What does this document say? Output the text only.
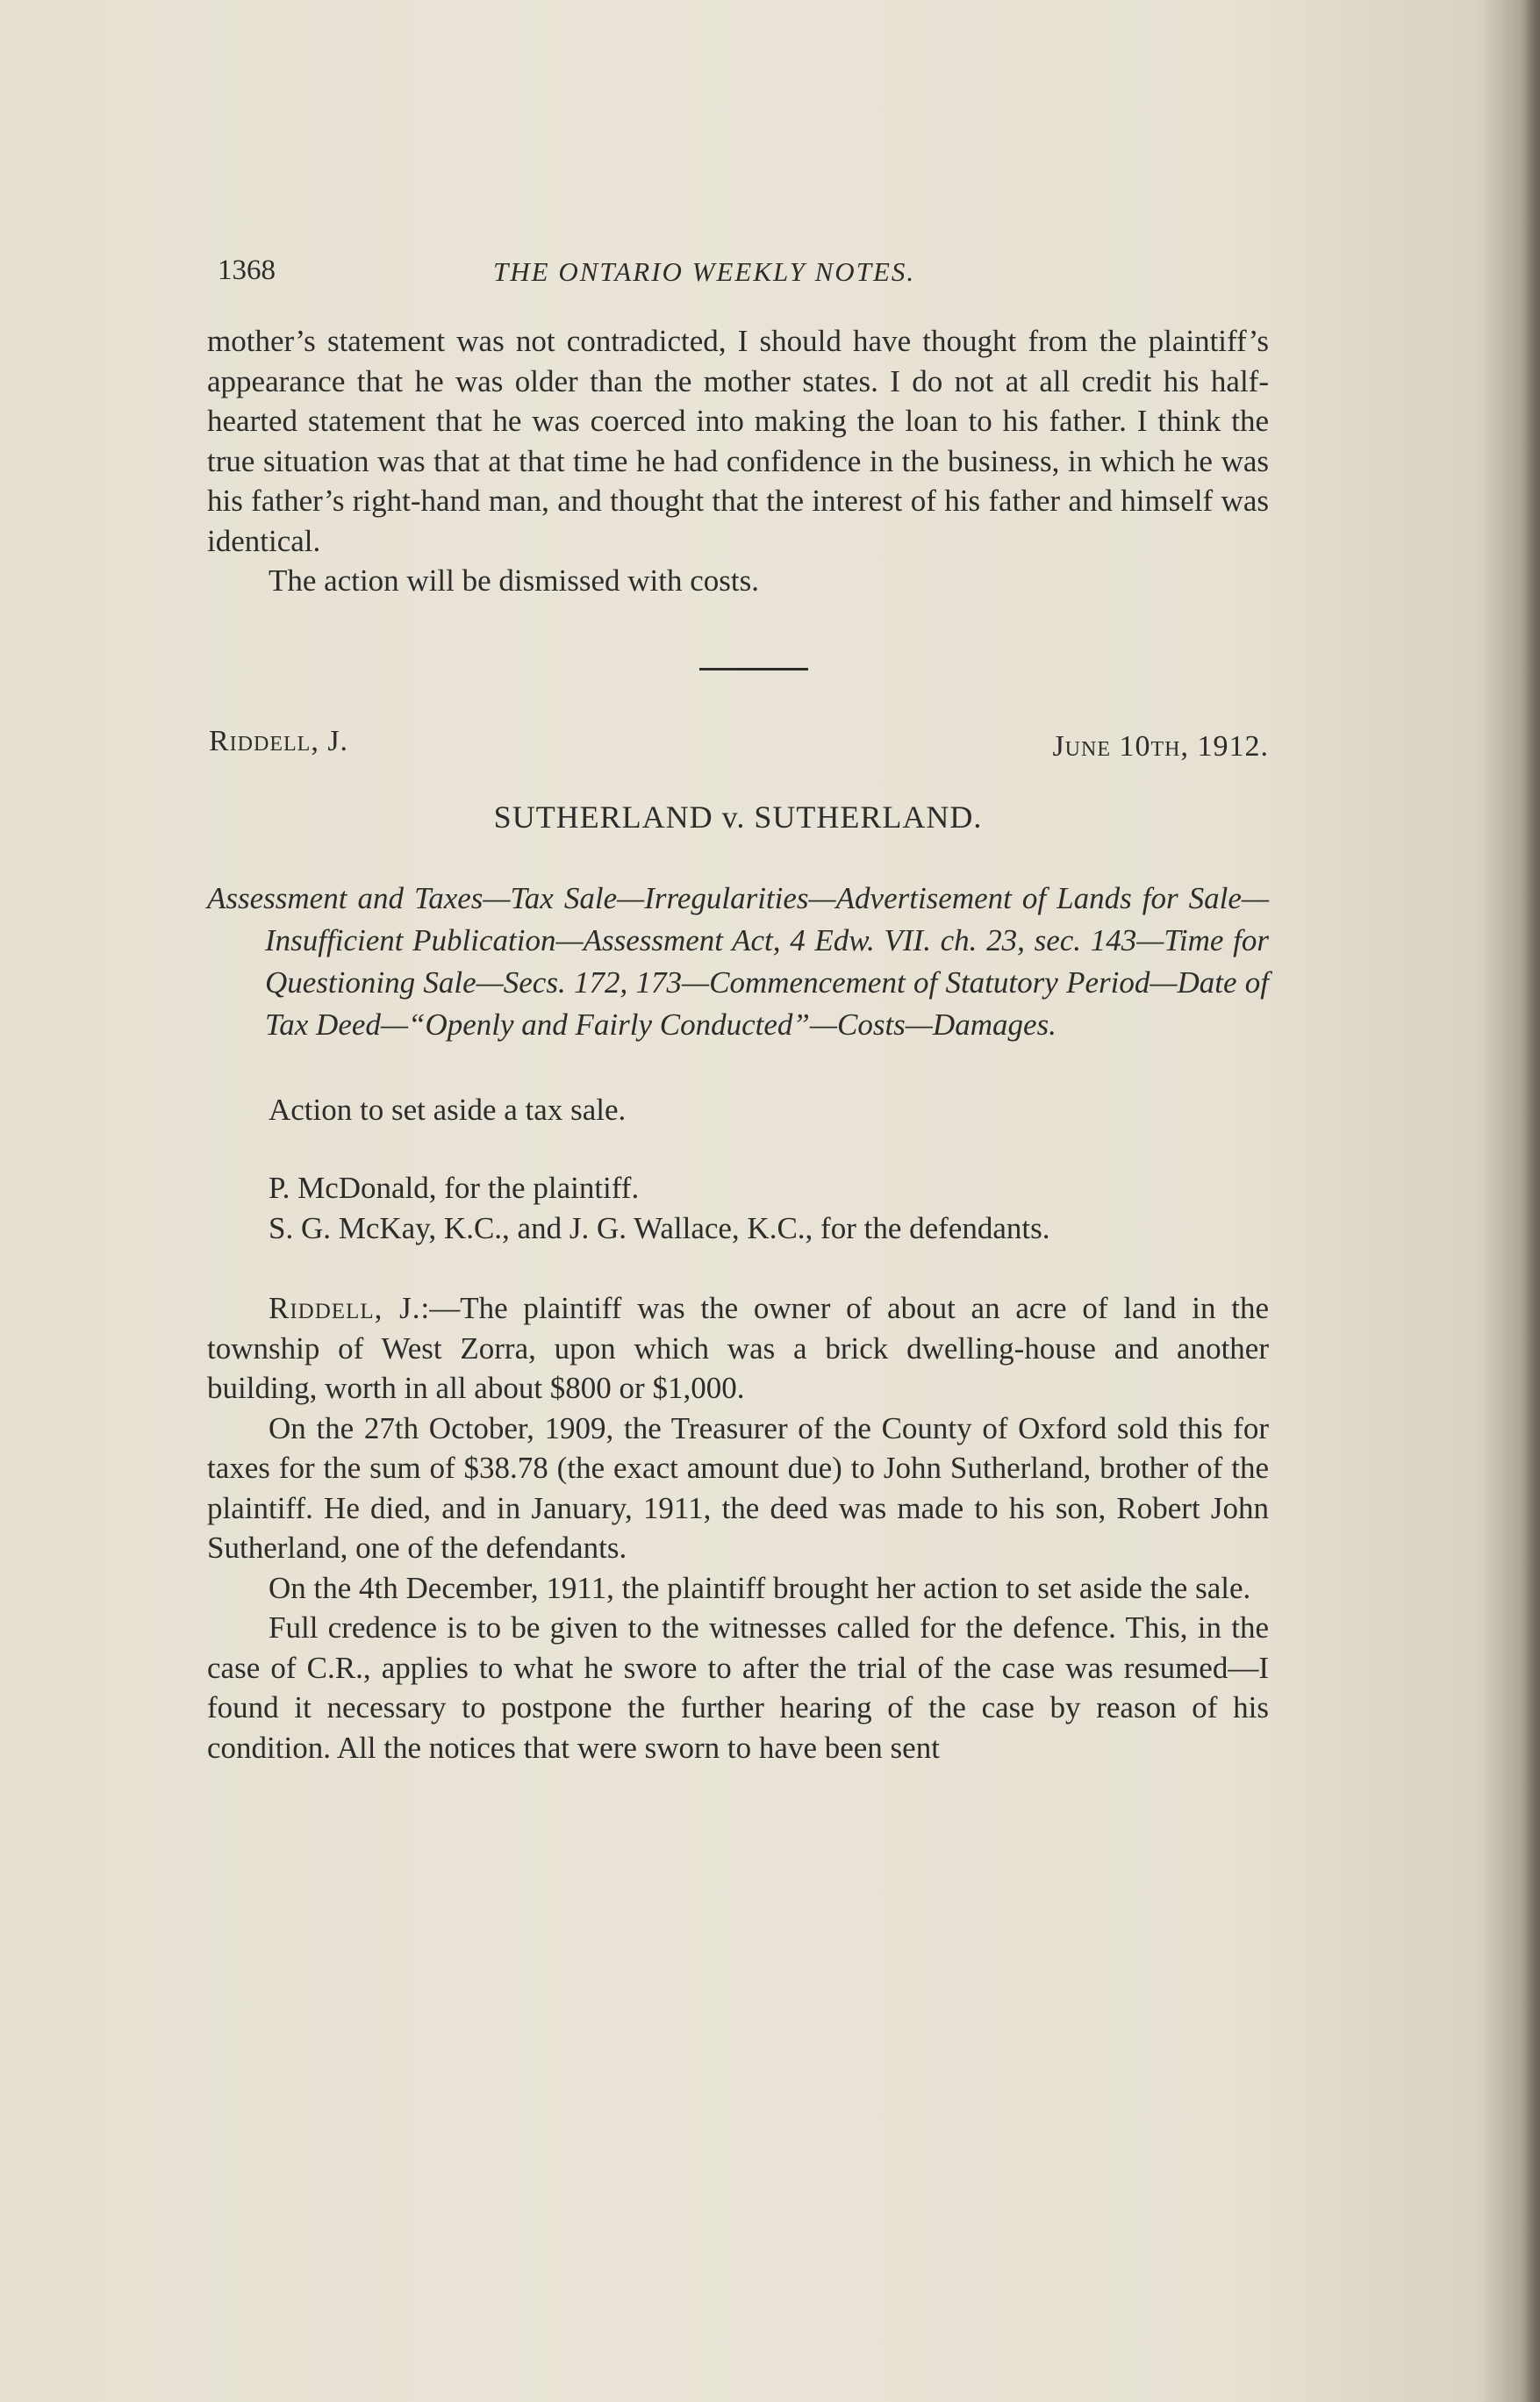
1368	THE ONTARIO WEEKLY NOTES.

mother’s statement was not contradicted, I should have thought from the plaintiff’s appearance that he was older than the mother states. I do not at all credit his half-hearted statement that he was coerced into making the loan to his father. I think the true situation was that at that time he had confidence in the business, in which he was his father’s right-hand man, and thought that the interest of his father and himself was identical.

The action will be dismissed with costs.

Riddell, J.	June 10th, 1912.
SUTHERLAND v. SUTHERLAND.

Assessment and Taxes—Tax Sale—Irregularities—Advertisement of Lands for Sale—Insufficient Publication—Assessment Act, 4 Edw. VII. ch. 23, sec. 143—Time for Questioning Sale—Secs. 172, 173—Commencement of Statutory Period—Date of Tax Deed—“Openly and Fairly Conducted”—Costs—Damages.

Action to set aside a tax sale.

P. McDonald, for the plaintiff.

S. G. McKay, K.C., and J. G. Wallace, K.C., for the defendants.

Riddell, J.:—The plaintiff was the owner of about an acre of land in the township of West Zorra, upon which was a brick dwelling-house and another building, worth in all about $800 or $1,000.

On the 27th October, 1909, the Treasurer of the County of Oxford sold this for taxes for the sum of $38.78 (the exact amount due) to John Sutherland, brother of the plaintiff. He died, and in January, 1911, the deed was made to his son, Robert John Sutherland, one of the defendants.

On the 4th December, 1911, the plaintiff brought her action to set aside the sale.

Full credence is to be given to the witnesses called for the defence. This, in the case of C.R., applies to what he swore to after the trial of the case was resumed—I found it necessary to postpone the further hearing of the case by reason of his condition. All the notices that were sworn to have been sent
